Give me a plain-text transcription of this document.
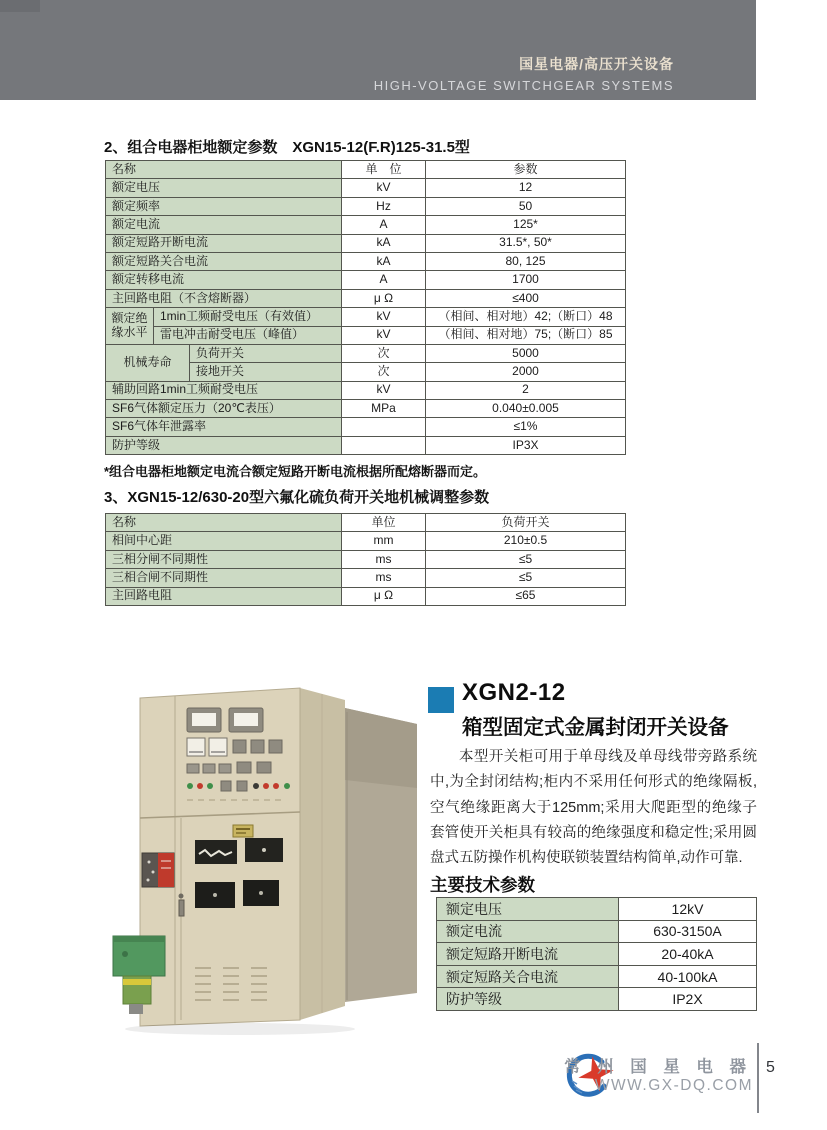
国星电器/高压开关设备
HIGH-VOLTAGE SWITCHGEAR SYSTEMS
2、组合电器柜地额定参数　XGN15-12(F.R)125-31.5型
名称			单　位	参数
额定电压			kV	12
额定频率			Hz	50
额定电流			A	125*
额定短路开断电流			kA	31.5*, 50*
额定短路关合电流			kA	80, 125
额定转移电流			A	1700
主回路电阻（不含熔断器）			μ Ω	≤400
额定绝缘水平	1min工频耐受电压（有效值）		kV	（相间、相对地）42;（断口）48
	雷电冲击耐受电压（峰值）		kV	（相间、相对地）75;（断口）85
机械寿命		负荷开关	次	5000
		接地开关	次	2000
辅助回路1min工频耐受电压			kV	2
SF6气体额定压力（20℃表压）			MPa	0.040±0.005
SF6气体年泄露率				≤1%
防护等级				IP3X
*组合电器柜地额定电流合额定短路开断电流根据所配熔断器而定。
3、XGN15-12/630-20型六氟化硫负荷开关地机械调整参数
名称	单位	负荷开关
相间中心距	mm	210±0.5
三相分闸不同期性	ms	≤5
三相合闸不同期性	ms	≤5
主回路电阻	μ Ω	≤65
XGN2-12
箱型固定式金属封闭开关设备
本型开关柜可用于单母线及单母线带旁路系统中,为全封闭结构;柜内不采用任何形式的绝缘隔板,空气绝缘距离大于125mm;采用大爬距型的绝缘子套管使开关柜具有较高的绝缘强度和稳定性;采用圆盘式五防操作机构使联锁装置结构简单,动作可靠.
主要技术参数
额定电压	12kV
额定电流	630-3150A
额定短路开断电流	20-40kA
额定短路关合电流	40-100kA
防护等级	IP2X
常 州 国 星 电 器
WWW.GX-DQ.COM
5
